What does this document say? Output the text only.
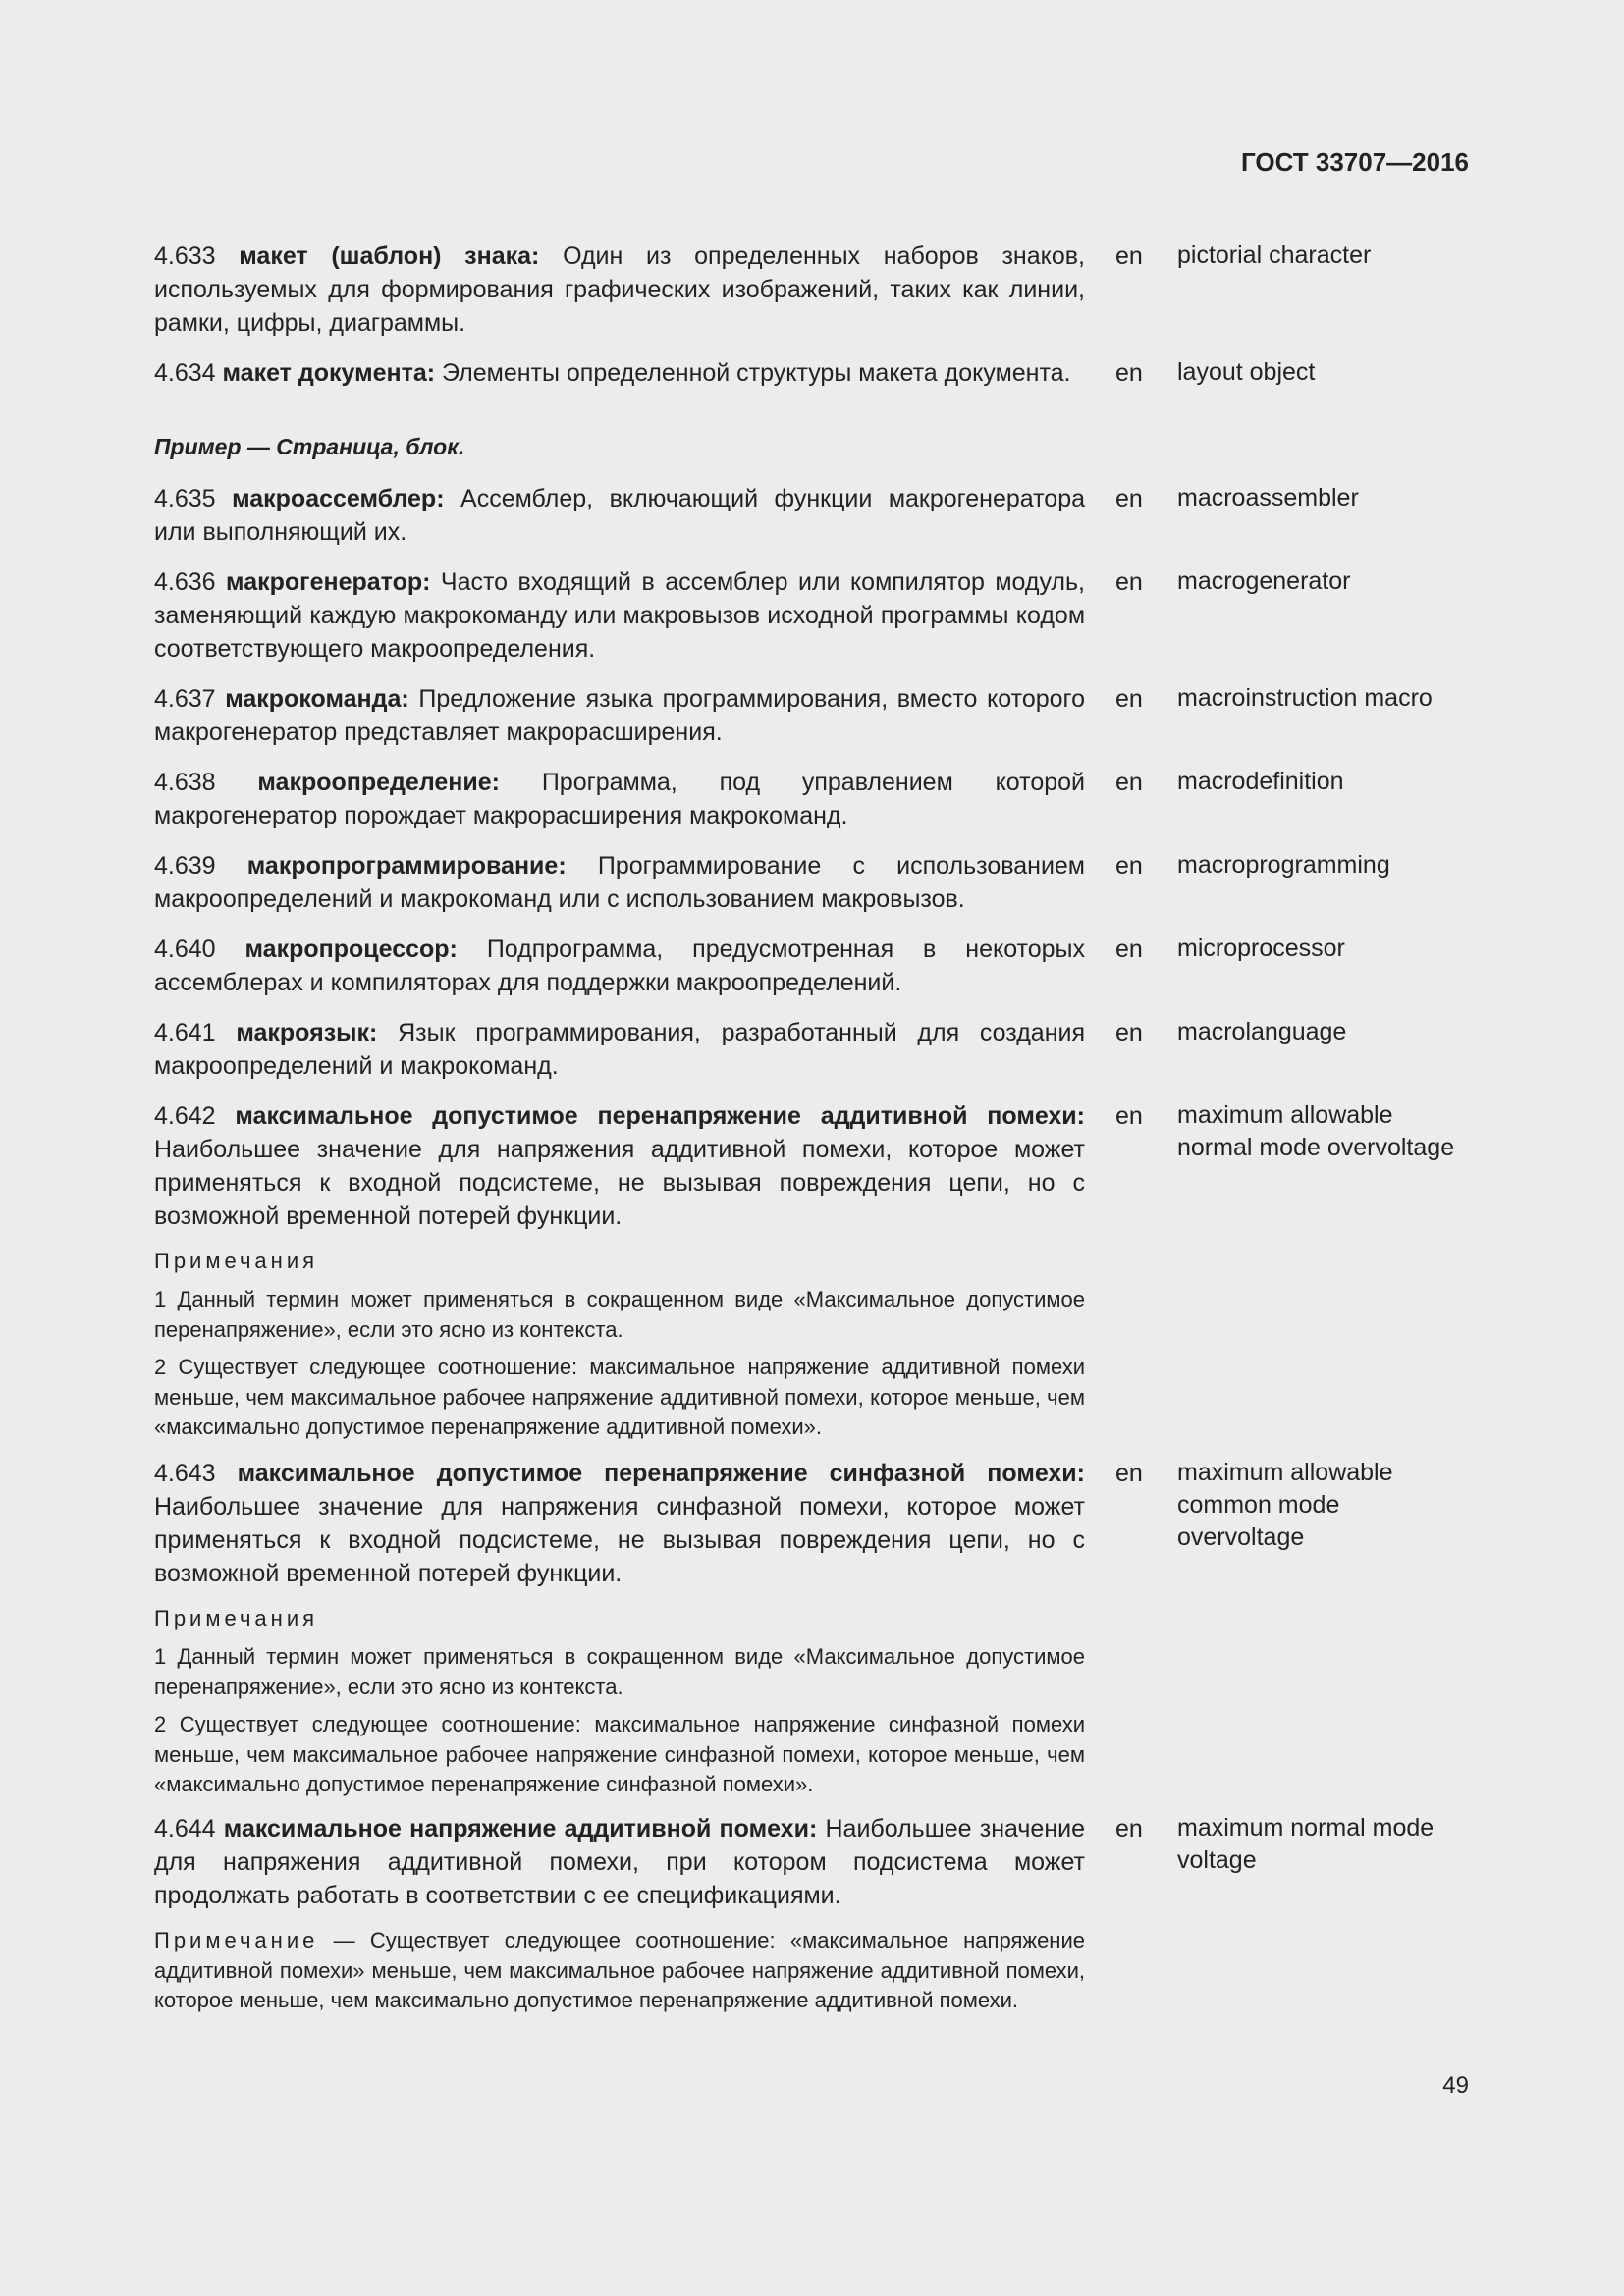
ГОСТ 33707—2016

4.633 макет (шаблон) знака: Один из определенных наборов знаков, используемых для формирования графических изображений, таких как линии, рамки, цифры, диаграммы.

en pictorial character

4.634 макет документа: Элементы определенной структуры макета документа.	en layout object

Пример — Страница, блок.

4.635 макроассемблер: Ассемблер, включающий функции макрогенератора или выполняющий их.

en macroassembler

4.636 макрогенератор: Часто входящий в ассемблер или компилятор модуль, заменяющий каждую макрокоманду или макровызов исходной программы кодом соответствующего макроопределения.

en macrogenerator

4.637 макрокоманда: Предложение языка программирования, вместо которого макрогенератор представляет макрорасширения.

en macroinstruction macro

4.638 макроопределение: Программа, под управлением которой макрогенератор порождает макрорасширения макрокоманд.

en macrodefinition

4.639 макропрограммирование: Программирование с использованием макроопределений и макрокоманд или с использованием макровызов.

en macroprogramming

4.640 макропроцессор: Подпрограмма, предусмотренная в некоторых ассемблерах и компиляторах для поддержки макроопределений.

en microprocessor

4.641 макроязык: Язык программирования, разработанный для создания макроопределений и макрокоманд.

en macrolanguage

4.642 максимальное допустимое перенапряжение аддитивной помехи: Наибольшее значение для напряжения аддитивной помехи, которое может применяться к входной подсистеме, не вызывая повреждения цепи, но с возможной временной потерей функции.

en maximum allowable normal mode overvoltage

Примечания

1 Данный термин может применяться в сокращенном виде «Максимальное допустимое перенапряжение», если это ясно из контекста.

2 Существует следующее соотношение: максимальное напряжение аддитивной помехи меньше, чем максимальное рабочее напряжение аддитивной помехи, которое меньше, чем «максимально допустимое перенапряжение аддитивной помехи».

4.643 максимальное допустимое перенапряжение синфазной помехи: Наибольшее значение для напряжения синфазной помехи, которое может применяться к входной подсистеме, не вызывая повреждения цепи, но с возможной временной потерей функции.

en maximum allowable common mode overvoltage

Примечания

1 Данный термин может применяться в сокращенном виде «Максимальное допустимое перенапряжение», если это ясно из контекста.

2 Существует следующее соотношение: максимальное напряжение синфазной помехи меньше, чем максимальное рабочее напряжение синфазной помехи, которое меньше, чем «максимально допустимое перенапряжение синфазной помехи».

4.644 максимальное напряжение аддитивной помехи: Наибольшее значение для напряжения аддитивной помехи, при котором подсистема может продолжать работать в соответствии с ее спецификациями.

en maximum normal mode voltage

Примечание — Существует следующее соотношение: «максимальное напряжение аддитивной помехи» меньше, чем максимальное рабочее напряжение аддитивной помехи, которое меньше, чем максимально допустимое перенапряжение аддитивной помехи.

49
